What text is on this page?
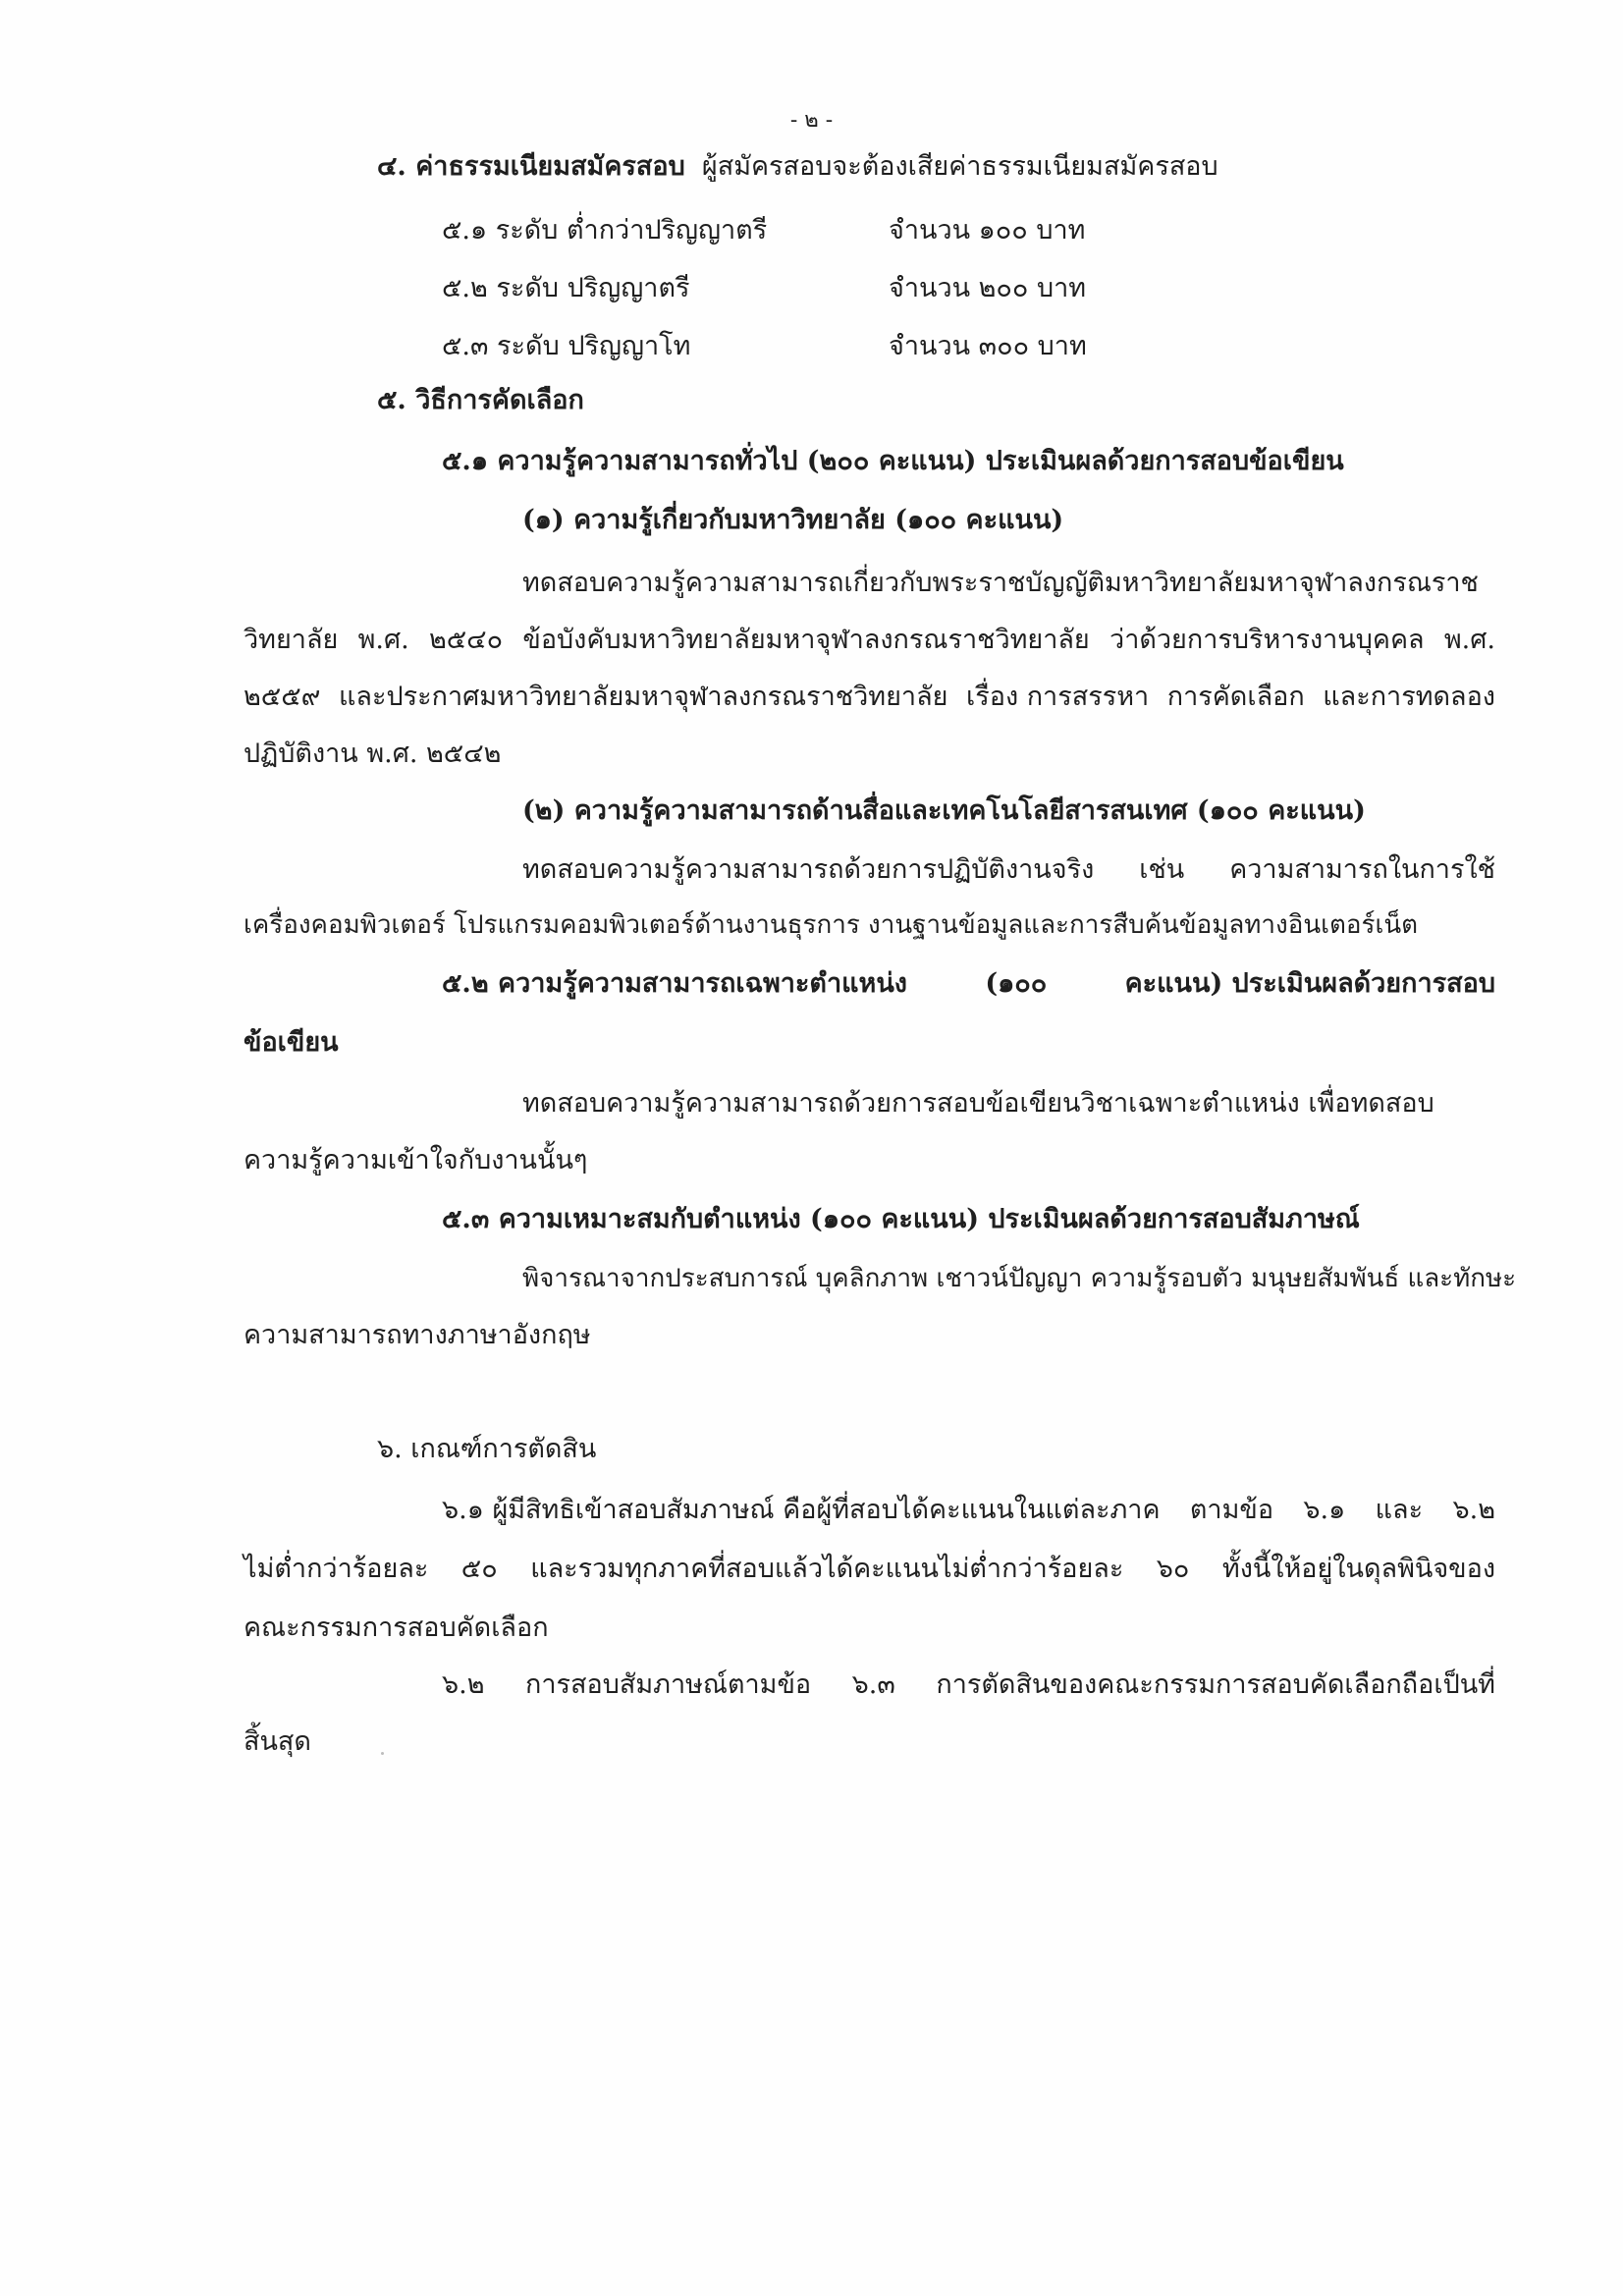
- ๒ -
๔. ค่าธรรมเนียมสมัครสอบ ผู้สมัครสอบจะต้องเสียค่าธรรมเนียมสมัครสอบ
๕.๑ ระดับ ต่ำกว่าปริญญาตรี	จำนวน ๑๐๐ บาท
๕.๒ ระดับ ปริญญาตรี	จำนวน ๒๐๐ บาท
๕.๓ ระดับ ปริญญาโท	จำนวน ๓๐๐ บาท
๕. วิธีการคัดเลือก
๕.๑ ความรู้ความสามารถทั่วไป (๒๐๐ คะแนน) ประเมินผลด้วยการสอบข้อเขียน
(๑) ความรู้เกี่ยวกับมหาวิทยาลัย (๑๐๐ คะแนน)
ทดสอบความรู้ความสามารถเกี่ยวกับพระราชบัญญัติมหาวิทยาลัยมหาจุฬาลงกรณราช
วิทยาลัย พ.ศ. ๒๕๔๐ ข้อบังคับมหาวิทยาลัยมหาจุฬาลงกรณราชวิทยาลัย ว่าด้วยการบริหารงานบุคคล พ.ศ.
๒๕๕๙ และประกาศมหาวิทยาลัยมหาจุฬาลงกรณราชวิทยาลัย เรื่อง การสรรหา การคัดเลือก และการทดลอง
ปฏิบัติงาน พ.ศ. ๒๕๔๒
(๒) ความรู้ความสามารถด้านสื่อและเทคโนโลยีสารสนเทศ (๑๐๐ คะแนน)
ทดสอบความรู้ความสามารถด้วยการปฏิบัติงานจริง เช่น ความสามารถในการใช้
เครื่องคอมพิวเตอร์ โปรแกรมคอมพิวเตอร์ด้านงานธุรการ งานฐานข้อมูลและการสืบค้นข้อมูลทางอินเตอร์เน็ต
๕.๒ ความรู้ความสามารถเฉพาะตำแหน่ง	(๑๐๐	คะแนน) ประเมินผลด้วยการสอบ
ข้อเขียน
ทดสอบความรู้ความสามารถด้วยการสอบข้อเขียนวิชาเฉพาะตำแหน่ง เพื่อทดสอบ
ความรู้ความเข้าใจกับงานนั้นๆ
๕.๓ ความเหมาะสมกับตำแหน่ง (๑๐๐ คะแนน) ประเมินผลด้วยการสอบสัมภาษณ์
พิจารณาจากประสบการณ์ บุคลิกภาพ เชาวน์ปัญญา ความรู้รอบตัว มนุษยสัมพันธ์ และทักษะ
ความสามารถทางภาษาอังกฤษ
๖. เกณฑ์การตัดสิน
๖.๑ ผู้มีสิทธิเข้าสอบสัมภาษณ์ คือผู้ที่สอบได้คะแนนในแต่ละภาค ตามข้อ ๖.๑ และ ๖.๒
ไม่ต่ำกว่าร้อยละ ๕๐ และรวมทุกภาคที่สอบแล้วได้คะแนนไม่ต่ำกว่าร้อยละ ๖๐ ทั้งนี้ให้อยู่ในดุลพินิจของ
คณะกรรมการสอบคัดเลือก
๖.๒ การสอบสัมภาษณ์ตามข้อ ๖.๓ การตัดสินของคณะกรรมการสอบคัดเลือกถือเป็นที่
สิ้นสุด
